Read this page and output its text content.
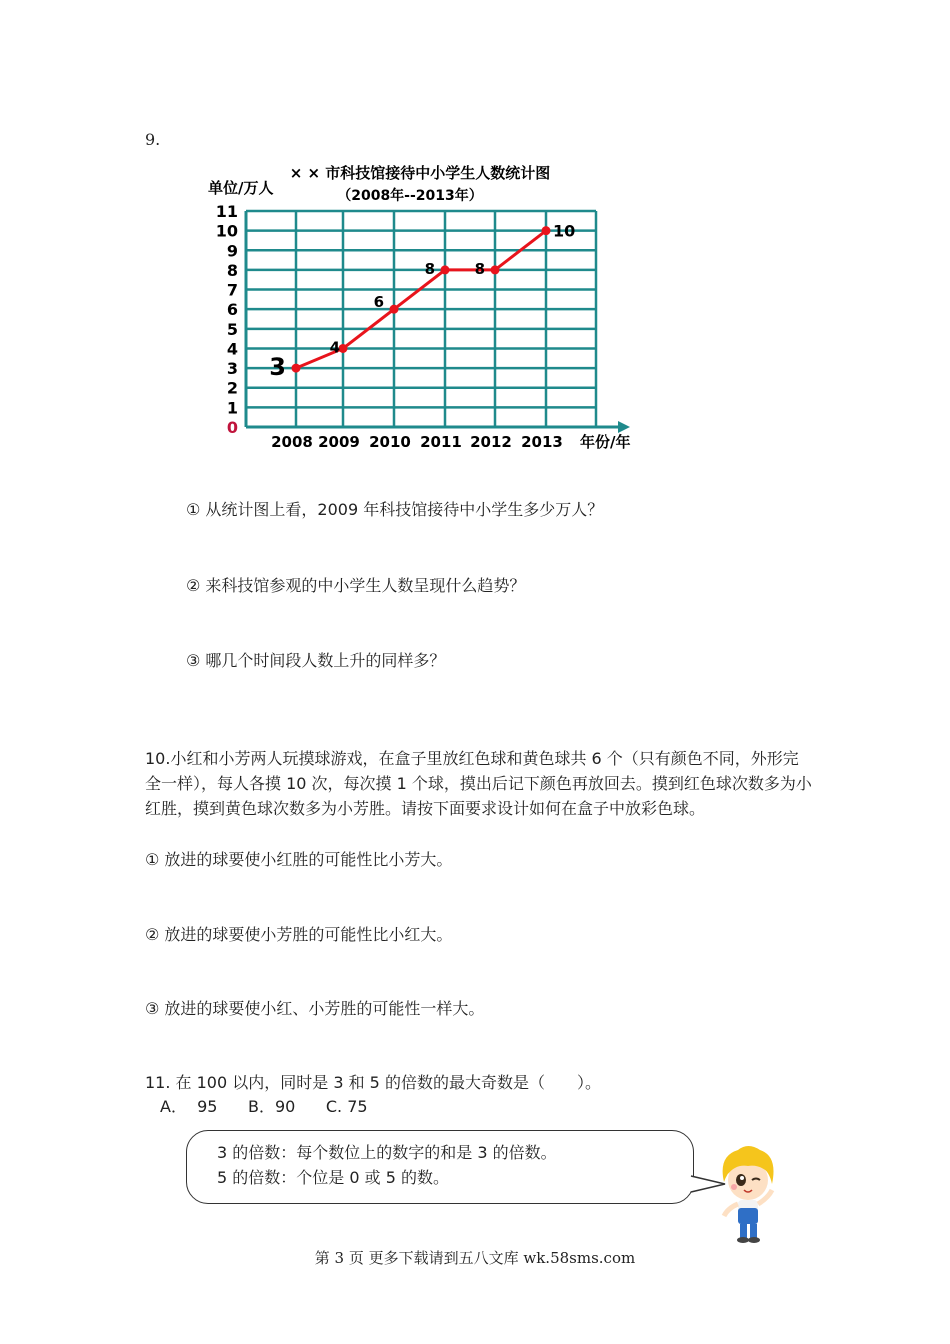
9.
× × 市科技馆接待中小学生人数统计图
（2008年--2013年）
单位/万人
年份/年
0
1
2
3
4
5
6
7
8
9
10
11
2008 2009 2010 2011 2012 2013
3
4
6
8	8
10
① 从统计图上看，2009 年科技馆接待中小学生多少万人？
② 来科技馆参观的中小学生人数呈现什么趋势？
③ 哪几个时间段人数上升的同样多？
10.小红和小芳两人玩摸球游戏，在盒子里放红色球和黄色球共 6 个（只有颜色不同，外形完全一样），每人各摸 10 次，每次摸 1 个球，摸出后记下颜色再放回去。摸到红色球次数多为小红胜，摸到黄色球次数多为小芳胜。请按下面要求设计如何在盒子中放彩色球。
① 放进的球要使小红胜的可能性比小芳大。
② 放进的球要使小芳胜的可能性比小红大。
③ 放进的球要使小红、小芳胜的可能性一样大。
11. 在 100 以内，同时是 3 和 5 的倍数的最大奇数是（　　）。
A．  95      B．90      C. 75
3 的倍数：每个数位上的数字的和是 3 的倍数。
5 的倍数：个位是 0 或 5 的数。
第 3 页 更多下载请到五八文库 wk.58sms.com
